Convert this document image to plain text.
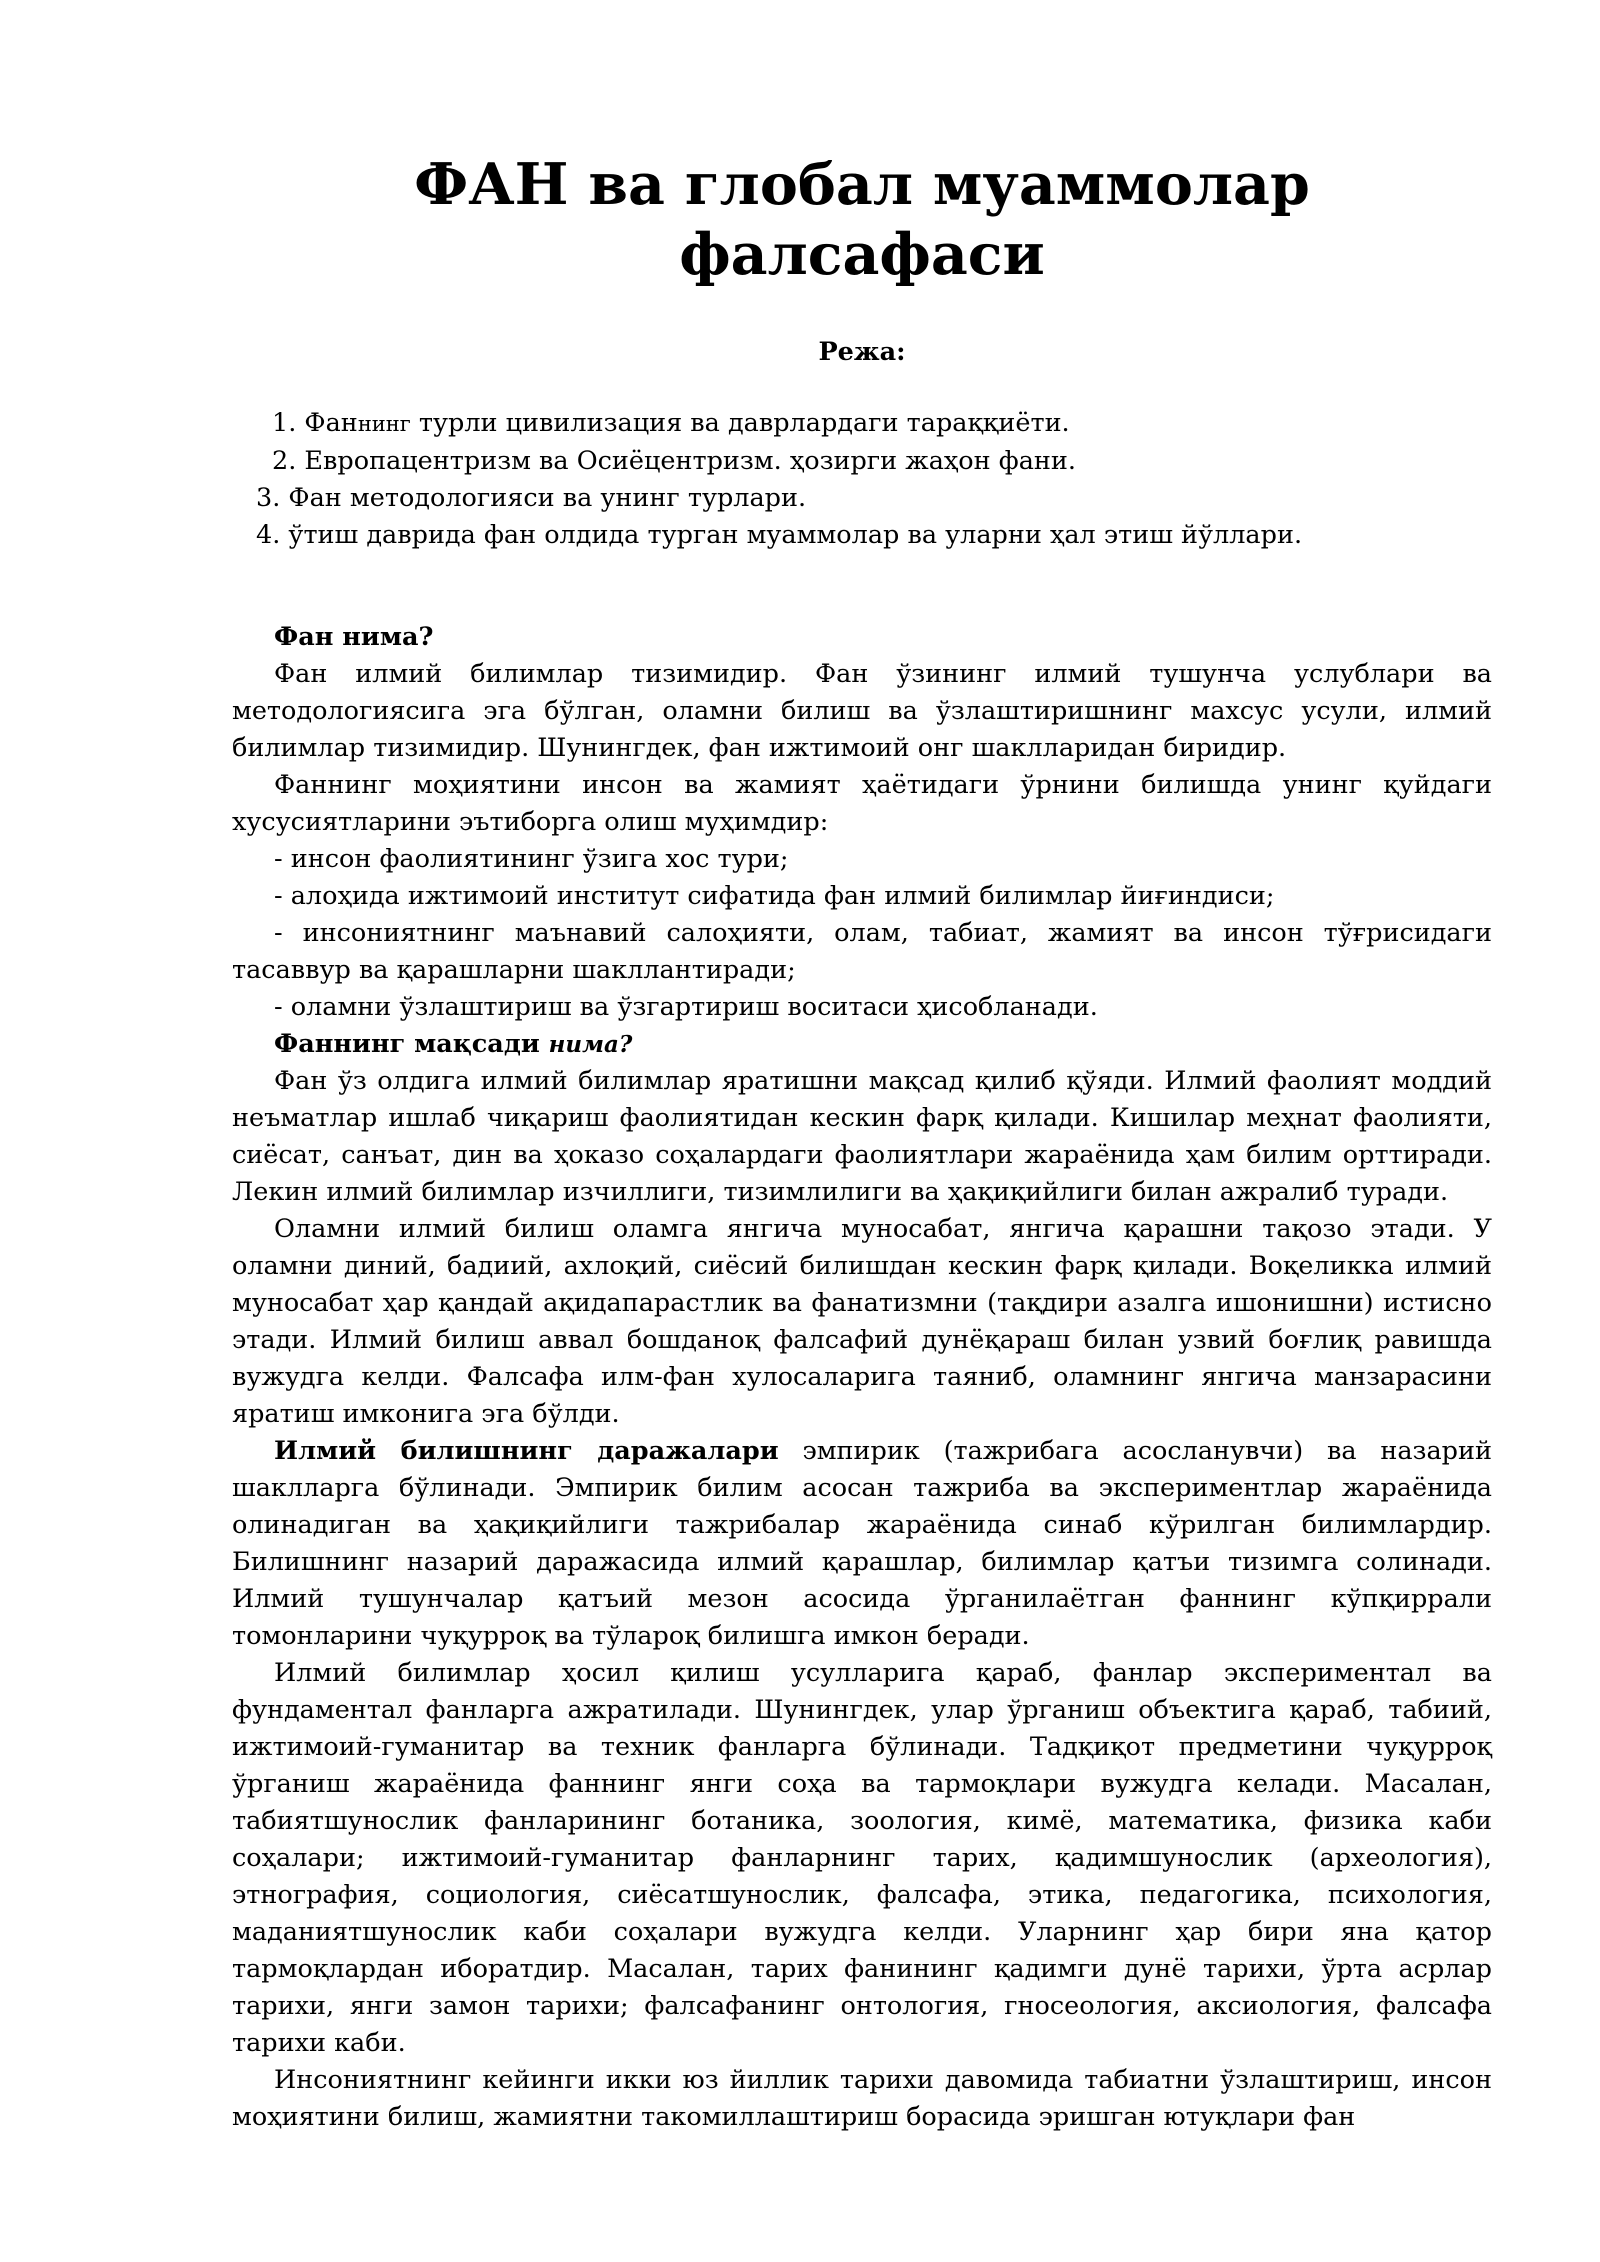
ФАН ва глобал муаммолар фалсафаси
Режа:
1. Фаннинг турли цивилизация ва даврлардаги тараққиёти.
2. Европацентризм ва Осиёцентризм. ҳозирги жаҳон фани.
3. Фан методологияси ва унинг турлари.
4. ўтиш даврида фан олдида турган муаммолар ва уларни ҳал этиш йўллари.

Фан нима?

Фан илмий билимлар тизимидир. Фан ўзининг илмий тушунча услублари ва методологиясига эга бўлган, оламни билиш ва ўзлаштиришнинг махсус усули, илмий билимлар тизимидир. Шунингдек, фан ижтимоий онг шаклларидан биридир.

Фаннинг моҳиятини инсон ва жамият ҳаётидаги ўрнини билишда унинг қуйдаги хусусиятларини эътиборга олиш муҳимдир:

- инсон фаолиятининг ўзига хос тури;

- алоҳида ижтимоий институт сифатида фан илмий билимлар йиғиндиси;

- инсониятнинг маънавий салоҳияти, олам, табиат, жамият ва инсон тўғрисидаги тасаввур ва қарашларни шакллантиради;

- оламни ўзлаштириш ва ўзгартириш воситаси ҳисобланади.

Фаннинг мақсади нима?

Фан ўз олдига илмий билимлар яратишни мақсад қилиб қўяди. Илмий фаолият моддий неъматлар ишлаб чиқариш фаолиятидан кескин фарқ қилади. Кишилар меҳнат фаолияти, сиёсат, санъат, дин ва ҳоказо соҳалардаги фаолиятлари жараёнида ҳам билим орттиради. Лекин илмий билимлар изчиллиги, тизимлилиги ва ҳақиқийлиги билан ажралиб туради.

Оламни илмий билиш оламга янгича муносабат, янгича қарашни тақозо этади. У оламни диний, бадиий, ахлоқий, сиёсий билишдан кескин фарқ қилади. Воқеликка илмий муносабат ҳар қандай ақидапарастлик ва фанатизмни (тақдири азалга ишонишни) истисно этади. Илмий билиш аввал бошданоқ фалсафий дунёқараш билан узвий боғлиқ равишда вужудга келди. Фалсафа илм-фан хулосаларига таяниб, оламнинг янгича манзарасини яратиш имконига эга бўлди.

Илмий билишнинг даражалари эмпирик (тажрибага асосланувчи) ва назарий шаклларга бўлинади. Эмпирик билим асосан тажриба ва экспериментлар жараёнида олинадиган ва ҳақиқийлиги тажрибалар жараёнида синаб кўрилган билимлардир. Билишнинг назарий даражасида илмий қарашлар, билимлар қатъи тизимга солинади. Илмий тушунчалар қатъий мезон асосида ўрганилаётган фаннинг кўпқиррали томонларини чуқурроқ ва тўлароқ билишга имкон беради.

Илмий билимлар ҳосил қилиш усулларига қараб, фанлар экспериментал ва фундаментал фанларга ажратилади. Шунингдек, улар ўрганиш объектига қараб, табиий, ижтимоий-гуманитар ва техник фанларга бўлинади. Тадқиқот предметини чуқурроқ ўрганиш жараёнида фаннинг янги соҳа ва тармоқлари вужудга келади. Масалан, табиятшунослик фанларининг ботаника, зоология, кимё, математика, физика каби соҳалари; ижтимоий-гуманитар фанларнинг тарих, қадимшунослик (археология), этнография, социология, сиёсатшунослик, фалсафа, этика, педагогика, психология, маданиятшунослик каби соҳалари вужудга келди. Уларнинг ҳар бири яна қатор тармоқлардан иборатдир. Масалан, тарих фанининг қадимги дунё тарихи, ўрта асрлар тарихи, янги замон тарихи; фалсафанинг онтология, гносеология, аксиология, фалсафа тарихи каби.

Инсониятнинг кейинги икки юз йиллик тарихи давомида табиатни ўзлаштириш, инсон моҳиятини билиш, жамиятни такомиллаштириш борасида эришган ютуқлари фан
